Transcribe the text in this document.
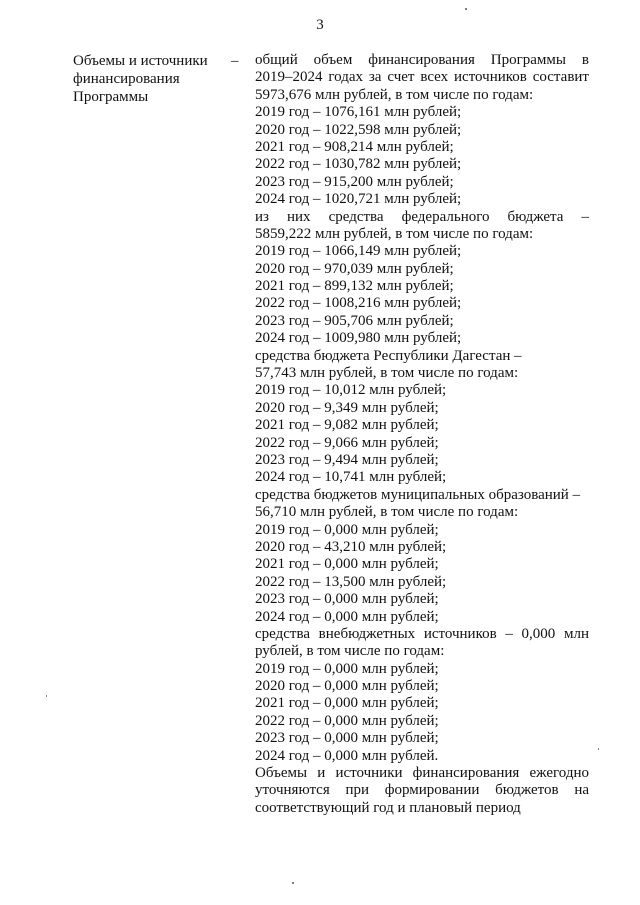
3
Объемы и источники
финансирования
Программы
– общий объем финансирования Программы в
2019–2024 годах за счет всех источников составит
5973,676 млн рублей, в том числе по годам:
2019 год – 1076,161 млн рублей;
2020 год – 1022,598 млн рублей;
2021 год – 908,214 млн рублей;
2022 год – 1030,782 млн рублей;
2023 год – 915,200 млн рублей;
2024 год – 1020,721 млн рублей;
из них средства федерального бюджета –
5859,222 млн рублей, в том числе по годам:
2019 год – 1066,149 млн рублей;
2020 год – 970,039 млн рублей;
2021 год – 899,132 млн рублей;
2022 год – 1008,216 млн рублей;
2023 год – 905,706 млн рублей;
2024 год – 1009,980 млн рублей;
средства бюджета Республики Дагестан –
57,743 млн рублей, в том числе по годам:
2019 год – 10,012 млн рублей;
2020 год – 9,349 млн рублей;
2021 год – 9,082 млн рублей;
2022 год – 9,066 млн рублей;
2023 год – 9,494 млн рублей;
2024 год – 10,741 млн рублей;
средства бюджетов муниципальных образований –
56,710 млн рублей, в том числе по годам:
2019 год – 0,000 млн рублей;
2020 год – 43,210 млн рублей;
2021 год – 0,000 млн рублей;
2022 год – 13,500 млн рублей;
2023 год – 0,000 млн рублей;
2024 год – 0,000 млн рублей;
средства внебюджетных источников – 0,000 млн
рублей, в том числе по годам:
2019 год – 0,000 млн рублей;
2020 год – 0,000 млн рублей;
2021 год – 0,000 млн рублей;
2022 год – 0,000 млн рублей;
2023 год – 0,000 млн рублей;
2024 год – 0,000 млн рублей.
Объемы и источники финансирования ежегодно
уточняются при формировании бюджетов на
соответствующий год и плановый период
